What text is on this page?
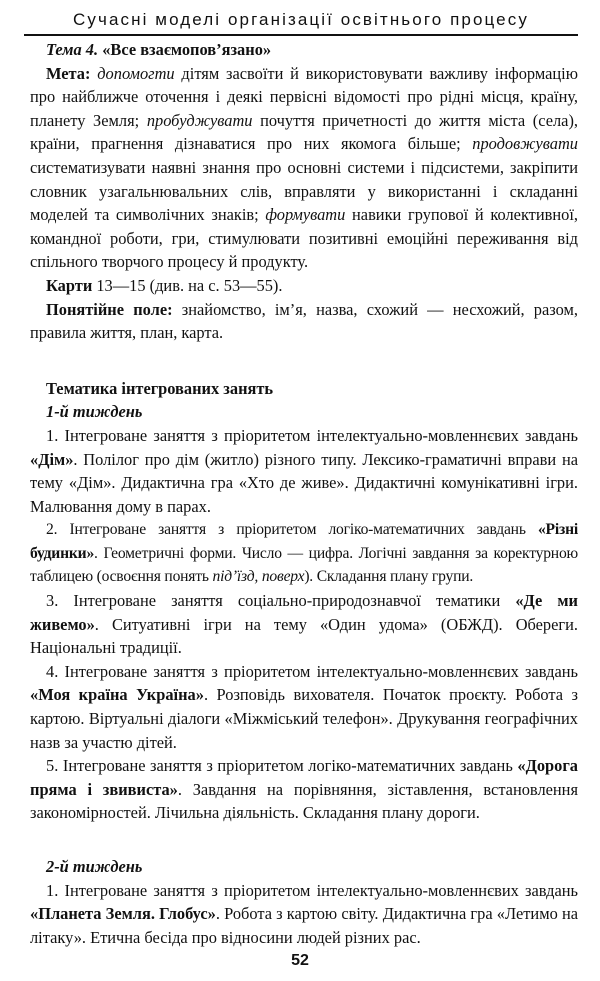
Сучасні моделі організації освітнього процесу

Тема 4. «Все взаємопов’язано»

Мета: допомогти дітям засвоїти й використовувати важливу інформацію про найближче оточення і деякі первісні відомості про рідні місця, країну, планету Земля; пробуджувати почуття причетності до життя міста (села), країни, прагнення дізнаватися про них якомога більше; продовжувати систематизувати наявні знання про основні системи і підсистеми, закріпити словник узагальнювальних слів, вправляти у використанні і складанні моделей та символічних знаків; формувати навики групової й колективної, командної роботи, гри, стимулювати позитивні емоційні переживання від спільного творчого процесу й продукту.

Карти 13—15 (див. на с. 53—55).

Понятійне поле: знайомство, ім’я, назва, схожий — несхожий, разом, правила життя, план, карта.

Тематика інтегрованих занять

1-й тиждень

1. Інтегроване заняття з пріоритетом інтелектуально-мовленнєвих завдань «Дім». Полілог про дім (житло) різного типу. Лексико-граматичні вправи на тему «Дім». Дидактична гра «Хто де живе». Дидактичні комунікативні ігри. Малювання дому в парах.

2. Інтегроване заняття з пріоритетом логіко-математичних завдань «Різні будинки». Геометричні форми. Число — цифра. Логічні завдання за коректурною таблицею (освоєння понять під’їзд, поверх). Складання плану групи.

3. Інтегроване заняття соціально-природознавчої тематики «Де ми живемо». Ситуативні ігри на тему «Один удома» (ОБЖД). Обереги. Національні традиції.

4. Інтегроване заняття з пріоритетом інтелектуально-мовленнєвих завдань «Моя країна Україна». Розповідь вихователя. Початок проєкту. Робота з картою. Віртуальні діалоги «Міжміський телефон». Друкування географічних назв за участю дітей.

5. Інтегроване заняття з пріоритетом логіко-математичних завдань «Дорога пряма і звивиста». Завдання на порівняння, зіставлення, встановлення закономірностей. Лічильна діяльність. Складання плану дороги.

2-й тиждень

1. Інтегроване заняття з пріоритетом інтелектуально-мовленнєвих завдань «Планета Земля. Глобус». Робота з картою світу. Дидактична гра «Летимо на літаку». Етична бесіда про відносини людей різних рас.

52
